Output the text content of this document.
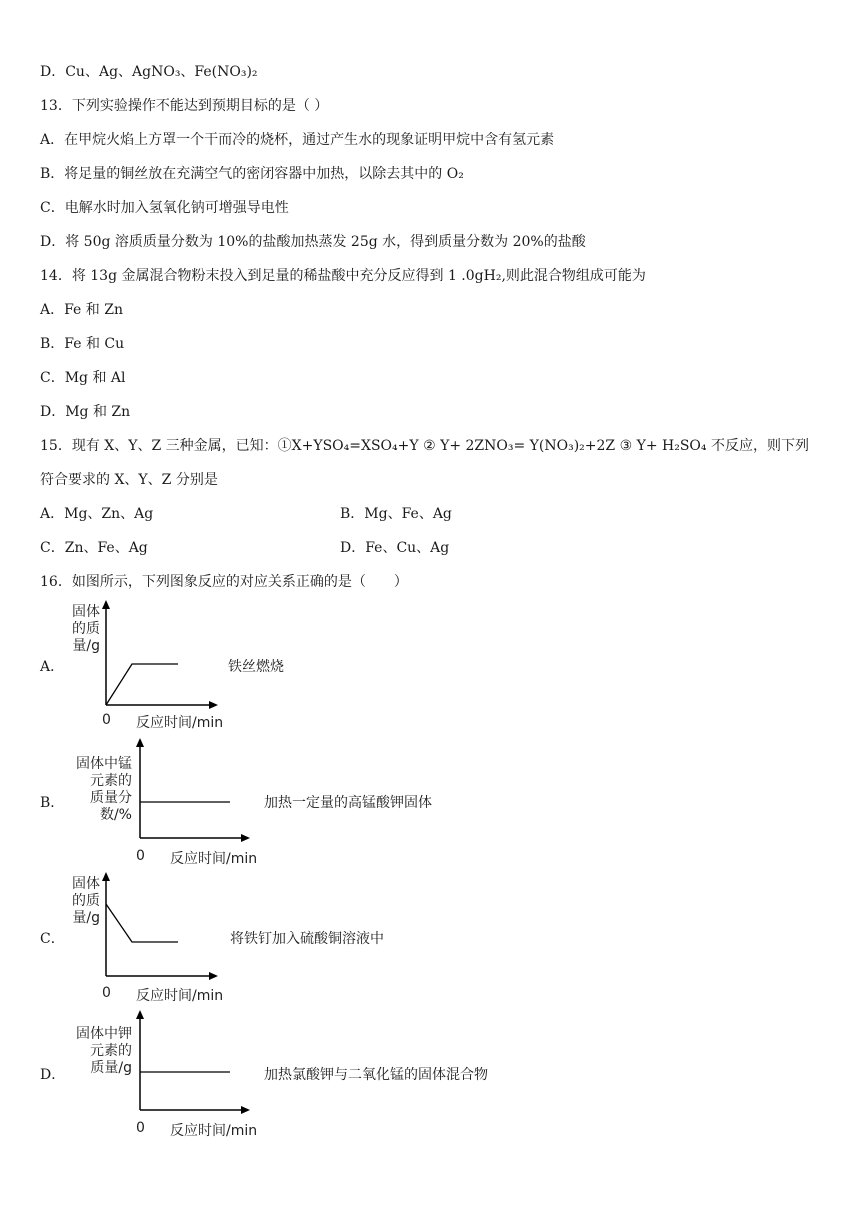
D．Cu、Ag、AgNO₃、Fe(NO₃)₂
13．下列实验操作不能达到预期目标的是（ ）
A．在甲烷火焰上方罩一个干而冷的烧杯，通过产生水的现象证明甲烷中含有氢元素
B．将足量的铜丝放在充满空气的密闭容器中加热，以除去其中的 O₂
C．电解水时加入氢氧化钠可增强导电性
D．将 50g 溶质质量分数为 10%的盐酸加热蒸发 25g 水，得到质量分数为 20%的盐酸
14．将 13g 金属混合物粉末投入到足量的稀盐酸中充分反应得到 1 .0gH₂,则此混合物组成可能为
A．Fe 和 Zn
B．Fe 和 Cu
C．Mg 和 Al
D．Mg 和 Zn
15．现有 X、Y、Z 三种金属，已知：①X+YSO₄=XSO₄+Y ② Y+ 2ZNO₃= Y(NO₃)₂+2Z ③ Y+ H₂SO₄ 不反应，则下列
符合要求的 X、Y、Z 分别是
A．Mg、Zn、Ag	B．Mg、Fe、Ag
C．Zn、Fe、Ag	D．Fe、Cu、Ag
16．如图所示，下列图象反应的对应关系正确的是（　　）
A．
固体
的质
量/g
0 反应时间/min
铁丝燃烧
B．
固体中锰
元素的
质量分
数/%
0 反应时间/min
加热一定量的高锰酸钾固体
C．
固体
的质
量/g
0 反应时间/min
将铁钉加入硫酸铜溶液中
D．
固体中钾
元素的
质量/g
0 反应时间/min
加热氯酸钾与二氧化锰的固体混合物
